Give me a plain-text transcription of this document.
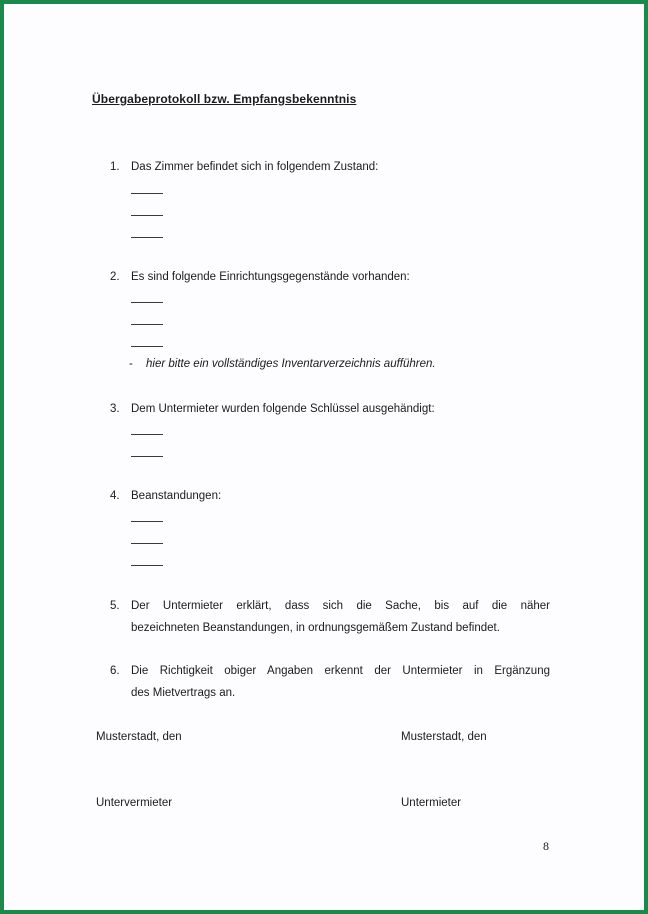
Übergabeprotokoll bzw. Empfangsbekenntnis
1. Das Zimmer befindet sich in folgendem Zustand:
2. Es sind folgende Einrichtungsgegenstände vorhanden:
- hier bitte ein vollständiges Inventarverzeichnis aufführen.
3. Dem Untermieter wurden folgende Schlüssel ausgehändigt:
4. Beanstandungen:
5. Der Untermieter erklärt, dass sich die Sache, bis auf die näher
bezeichneten Beanstandungen, in ordnungsgemäßem Zustand befindet.
6. Die Richtigkeit obiger Angaben erkennt der Untermieter in Ergänzung
des Mietvertrags an.
Musterstadt, den	Musterstadt, den
Untervermieter	Untermieter
8
